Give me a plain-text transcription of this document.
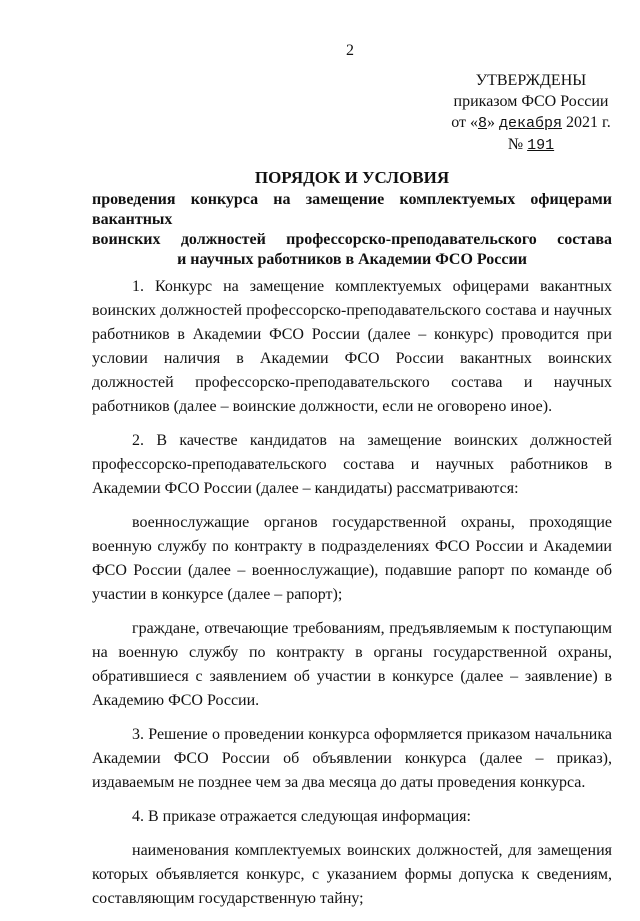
2
УТВЕРЖДЕНЫ
приказом ФСО России
от «8» декабря 2021 г.
№ 191
ПОРЯДОК И УСЛОВИЯ
проведения конкурса на замещение комплектуемых офицерами вакантных
воинских должностей профессорско-преподавательского состава
и научных работников в Академии ФСО России

1. Конкурс на замещение комплектуемых офицерами вакантных воинских должностей профессорско-преподавательского состава и научных работников в Академии ФСО России (далее – конкурс) проводится при условии наличия в Академии ФСО России вакантных воинских должностей профессорско-преподавательского состава и научных работников (далее – воинские должности, если не оговорено иное).

2. В качестве кандидатов на замещение воинских должностей профессорско-преподавательского состава и научных работников в Академии ФСО России (далее – кандидаты) рассматриваются:

военнослужащие органов государственной охраны, проходящие военную службу по контракту в подразделениях ФСО России и Академии ФСО России (далее – военнослужащие), подавшие рапорт по команде об участии в конкурсе (далее – рапорт);

граждане, отвечающие требованиям, предъявляемым к поступающим на военную службу по контракту в органы государственной охраны, обратившиеся с заявлением об участии в конкурсе (далее – заявление) в Академию ФСО России.

3. Решение о проведении конкурса оформляется приказом начальника Академии ФСО России об объявлении конкурса (далее – приказ), издаваемым не позднее чем за два месяца до даты проведения конкурса.

4. В приказе отражается следующая информация:

наименования комплектуемых воинских должностей, для замещения которых объявляется конкурс, с указанием формы допуска к сведениям, составляющим государственную тайну;
